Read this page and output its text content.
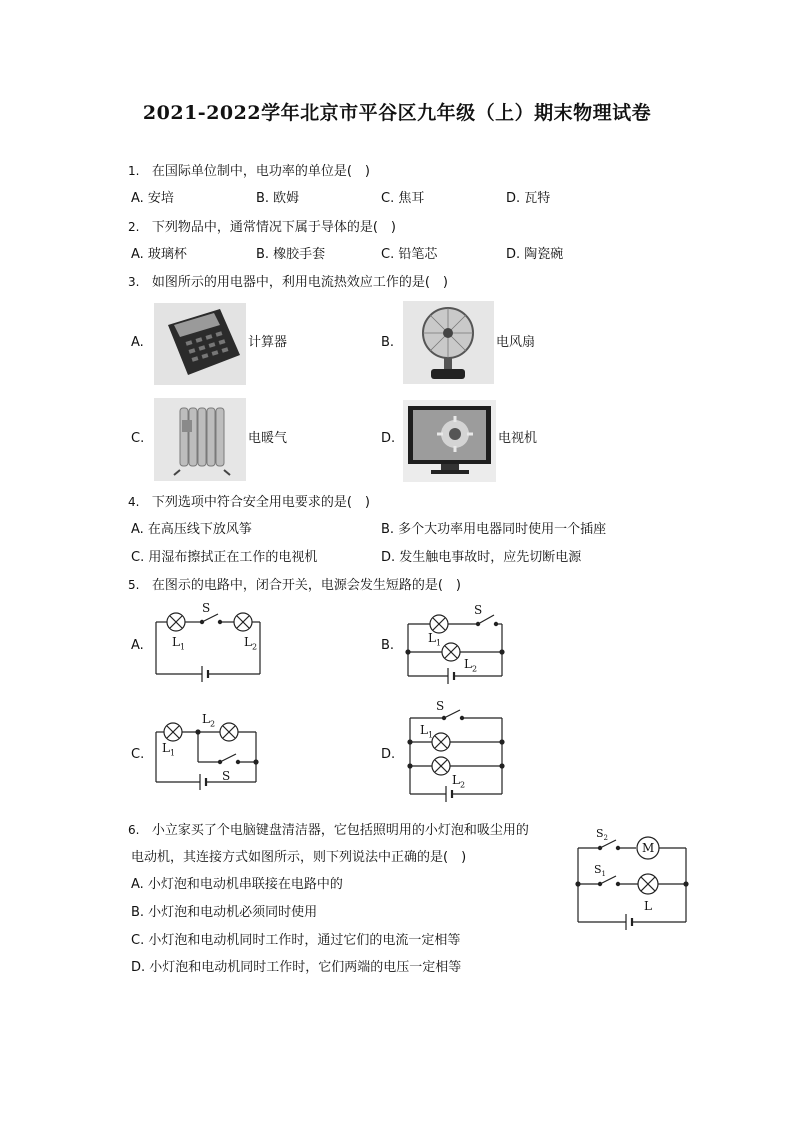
2021-2022学年北京市平谷区九年级（上）期末物理试卷
1. 在国际单位制中，电功率的单位是(　)
A. 安培	B. 欧姆	C. 焦耳	D. 瓦特
2. 下列物品中，通常情况下属于导体的是(　)
A. 玻璃杯	B. 橡胶手套	C. 铅笔芯	D. 陶瓷碗
3. 如图所示的用电器中，利用电流热效应工作的是(　)
A.	计算器	B.	电风扇
C.	电暖气	D.	电视机
4. 下列选项中符合安全用电要求的是(　)
A. 在高压线下放风筝	B. 多个大功率用电器同时使用一个插座
C. 用湿布擦拭正在工作的电视机	D. 发生触电事故时，应先切断电源
5. 在图示的电路中，闭合开关，电源会发生短路的是(　)
A.	B.
C.	D.
S
$L_1$	$L_2$
S
$L_1$
$L_2$
$L_2$
$L_1$
S
S
$L_1$
$L_2$
6. 小立家买了个电脑键盘清洁器，它包括照明用的小灯泡和吸尘用的
电动机，其连接方式如图所示，则下列说法中正确的是(　)
A. 小灯泡和电动机串联接在电路中的
B. 小灯泡和电动机必须同时使用
C. 小灯泡和电动机同时工作时，通过它们的电流一定相等
D. 小灯泡和电动机同时工作时，它们两端的电压一定相等
$S_2$
M
$S_1$
L
